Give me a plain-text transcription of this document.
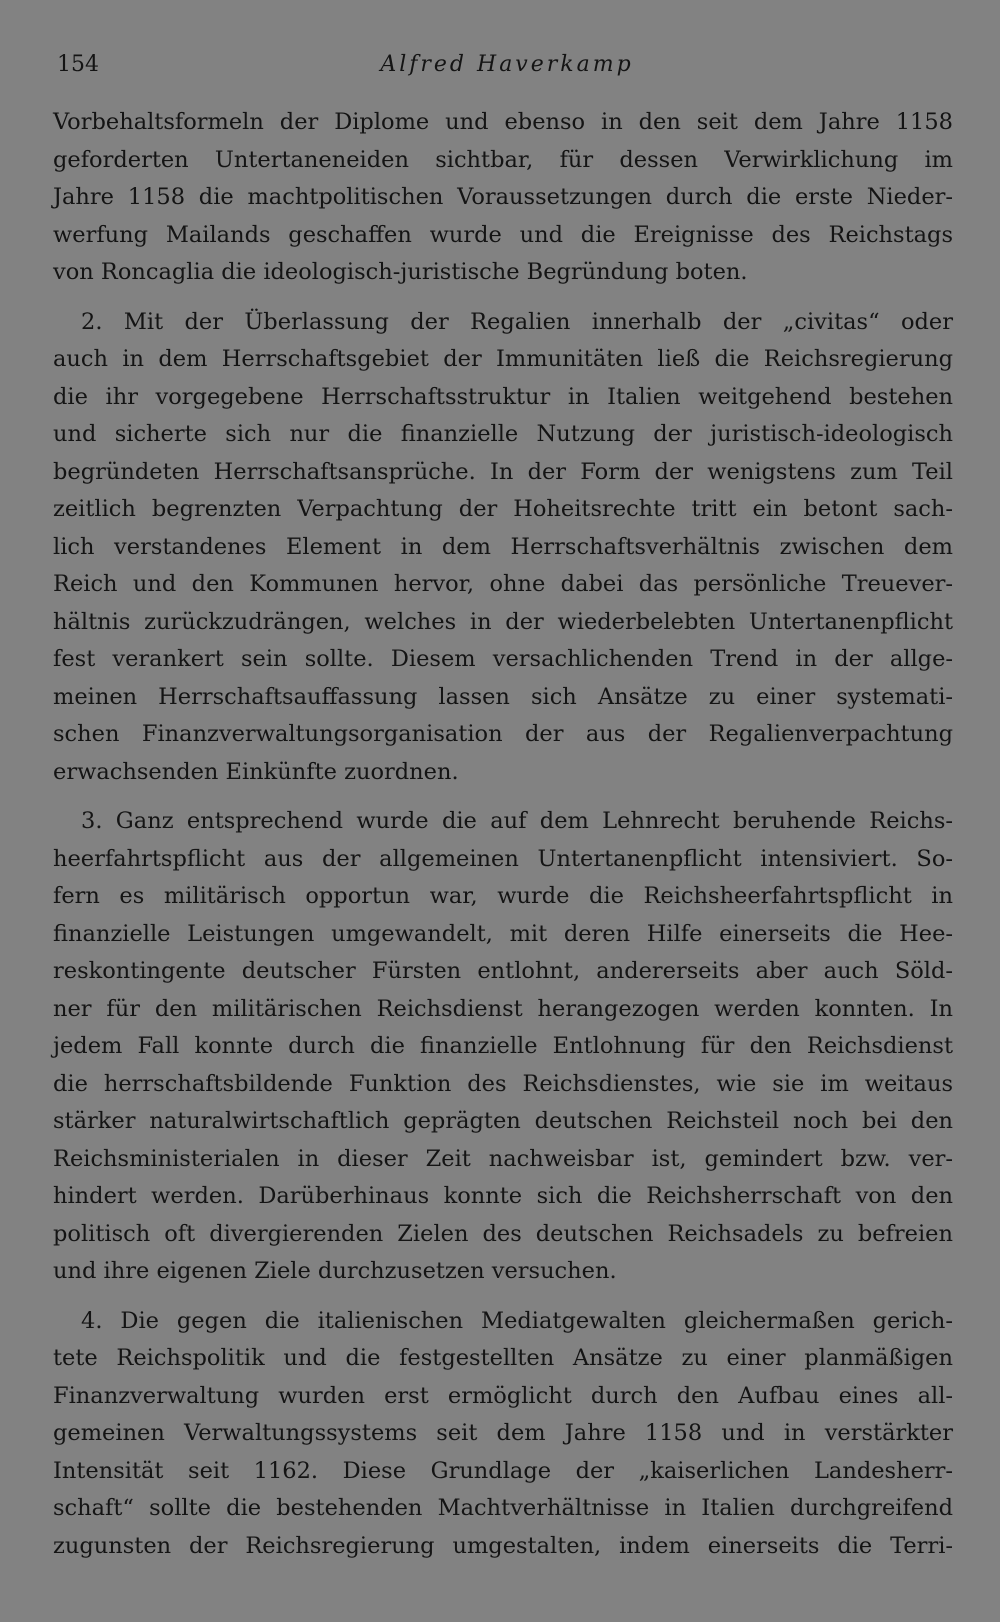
154	Alfred Haverkamp
Vorbehaltsformeln der Diplome und ebenso in den seit dem Jahre 1158
geforderten Untertaneneiden sichtbar, für dessen Verwirklichung im
Jahre 1158 die machtpolitischen Voraussetzungen durch die erste Nieder-
werfung Mailands geschaffen wurde und die Ereignisse des Reichstags
von Roncaglia die ideologisch-juristische Begründung boten.
2. Mit der Überlassung der Regalien innerhalb der „civitas“ oder
auch in dem Herrschaftsgebiet der Immunitäten ließ die Reichsregierung
die ihr vorgegebene Herrschaftsstruktur in Italien weitgehend bestehen
und sicherte sich nur die finanzielle Nutzung der juristisch-ideologisch
begründeten Herrschaftsansprüche. In der Form der wenigstens zum Teil
zeitlich begrenzten Verpachtung der Hoheitsrechte tritt ein betont sach-
lich verstandenes Element in dem Herrschaftsverhältnis zwischen dem
Reich und den Kommunen hervor, ohne dabei das persönliche Treuever-
hältnis zurückzudrängen, welches in der wiederbelebten Untertanenpflicht
fest verankert sein sollte. Diesem versachlichenden Trend in der allge-
meinen Herrschaftsauffassung lassen sich Ansätze zu einer systemati-
schen Finanzverwaltungsorganisation der aus der Regalienverpachtung
erwachsenden Einkünfte zuordnen.
3. Ganz entsprechend wurde die auf dem Lehnrecht beruhende Reichs-
heerfahrtspflicht aus der allgemeinen Untertanenpflicht intensiviert. So-
fern es militärisch opportun war, wurde die Reichsheerfahrtspflicht in
finanzielle Leistungen umgewandelt, mit deren Hilfe einerseits die Hee-
reskontingente deutscher Fürsten entlohnt, andererseits aber auch Söld-
ner für den militärischen Reichsdienst herangezogen werden konnten. In
jedem Fall konnte durch die finanzielle Entlohnung für den Reichsdienst
die herrschaftsbildende Funktion des Reichsdienstes, wie sie im weitaus
stärker naturalwirtschaftlich geprägten deutschen Reichsteil noch bei den
Reichsministerialen in dieser Zeit nachweisbar ist, gemindert bzw. ver-
hindert werden. Darüberhinaus konnte sich die Reichsherrschaft von den
politisch oft divergierenden Zielen des deutschen Reichsadels zu befreien
und ihre eigenen Ziele durchzusetzen versuchen.
4. Die gegen die italienischen Mediatgewalten gleichermaßen gerich-
tete Reichspolitik und die festgestellten Ansätze zu einer planmäßigen
Finanzverwaltung wurden erst ermöglicht durch den Aufbau eines all-
gemeinen Verwaltungssystems seit dem Jahre 1158 und in verstärkter
Intensität seit 1162. Diese Grundlage der „kaiserlichen Landesherr-
schaft“ sollte die bestehenden Machtverhältnisse in Italien durchgreifend
zugunsten der Reichsregierung umgestalten, indem einerseits die Terri-
